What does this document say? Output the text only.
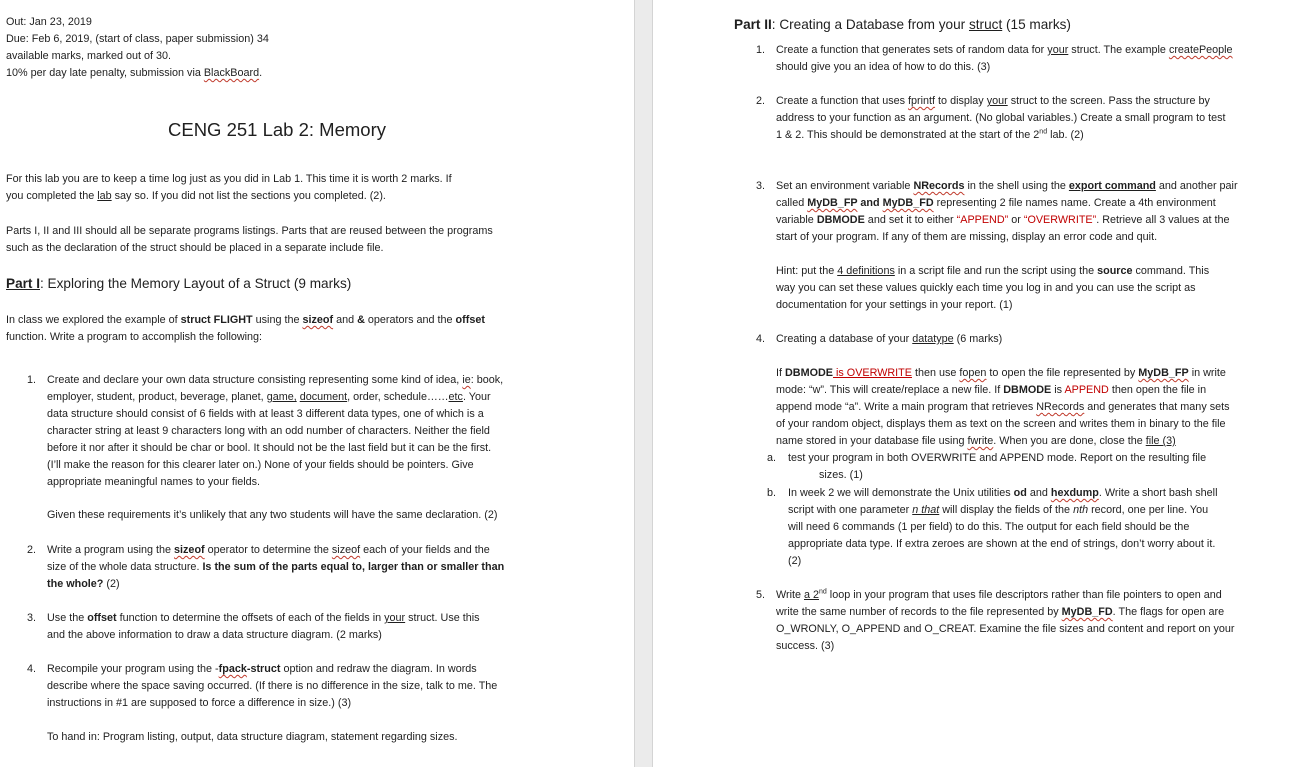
Out: Jan 23, 2019
Due: Feb 6, 2019, (start of class, paper submission) 34
available marks, marked out of 30.
10% per day late penalty, submission via BlackBoard.
CENG 251 Lab 2: Memory
For this lab you are to keep a time log just as you did in Lab 1. This time it is worth 2 marks. If
you completed the lab say so. If you did not list the sections you completed. (2).
Parts I, II and III should all be separate programs listings. Parts that are reused between the programs
such as the declaration of the struct should be placed in a separate include file.
Part I: Exploring the Memory Layout of a Struct (9 marks)
In class we explored the example of struct FLIGHT using the sizeof and & operators and the offset
function. Write a program to accomplish the following:
1. Create and declare your own data structure consisting representing some kind of idea, ie: book,
employer, student, product, beverage, planet, game, document, order, schedule……etc. Your
data structure should consist of 6 fields with at least 3 different data types, one of which is a
character string at least 9 characters long with an odd number of characters. Neither the field
before it nor after it should be char or bool. It should not be the last field but it can be the first.
(I’ll make the reason for this clearer later on.) None of your fields should be pointers. Give
appropriate meaningful names to your fields.
Given these requirements it’s unlikely that any two students will have the same declaration. (2)
2. Write a program using the sizeof operator to determine the sizeof each of your fields and the
size of the whole data structure. Is the sum of the parts equal to, larger than or smaller than
the whole? (2)
3. Use the offset function to determine the offsets of each of the fields in your struct. Use this
and the above information to draw a data structure diagram. (2 marks)
4. Recompile your program using the -fpack-struct option and redraw the diagram. In words
describe where the space saving occurred. (If there is no difference in the size, talk to me. The
instructions in #1 are supposed to force a difference in size.) (3)
To hand in: Program listing, output, data structure diagram, statement regarding sizes.
Part II: Creating a Database from your struct (15 marks)
1. Create a function that generates sets of random data for your struct. The example createPeople
should give you an idea of how to do this. (3)
2. Create a function that uses fprintf to display your struct to the screen. Pass the structure by
address to your function as an argument. (No global variables.) Create a small program to test
1 & 2. This should be demonstrated at the start of the 2nd lab. (2)
3. Set an environment variable NRecords in the shell using the export command and another pair
called MyDB_FP and MyDB_FD representing 2 file names name. Create a 4th environment
variable DBMODE and set it to either “APPEND” or “OVERWRITE”. Retrieve all 3 values at the
start of your program. If any of them are missing, display an error code and quit.
Hint: put the 4 definitions in a script file and run the script using the source command. This
way you can set these values quickly each time you log in and you can use the script as
documentation for your settings in your report. (1)
4. Creating a database of your datatype (6 marks)
If DBMODE is OVERWRITE then use fopen to open the file represented by MyDB_FP in write
mode: “w”. This will create/replace a new file. If DBMODE is APPEND then open the file in
append mode “a”. Write a main program that retrieves NRecords and generates that many sets
of your random object, displays them as text on the screen and writes them in binary to the file
name stored in your database file using fwrite. When you are done, close the file (3)
a. test your program in both OVERWRITE and APPEND mode. Report on the resulting file
sizes. (1)
b. In week 2 we will demonstrate the Unix utilities od and hexdump. Write a short bash shell
script with one parameter n that will display the fields of the nth record, one per line. You
will need 6 commands (1 per field) to do this. The output for each field should be the
appropriate data type. If extra zeroes are shown at the end of strings, don’t worry about it.
(2)
5. Write a 2nd loop in your program that uses file descriptors rather than file pointers to open and
write the same number of records to the file represented by MyDB_FD. The flags for open are
O_WRONLY, O_APPEND and O_CREAT. Examine the file sizes and content and report on your
success. (3)
